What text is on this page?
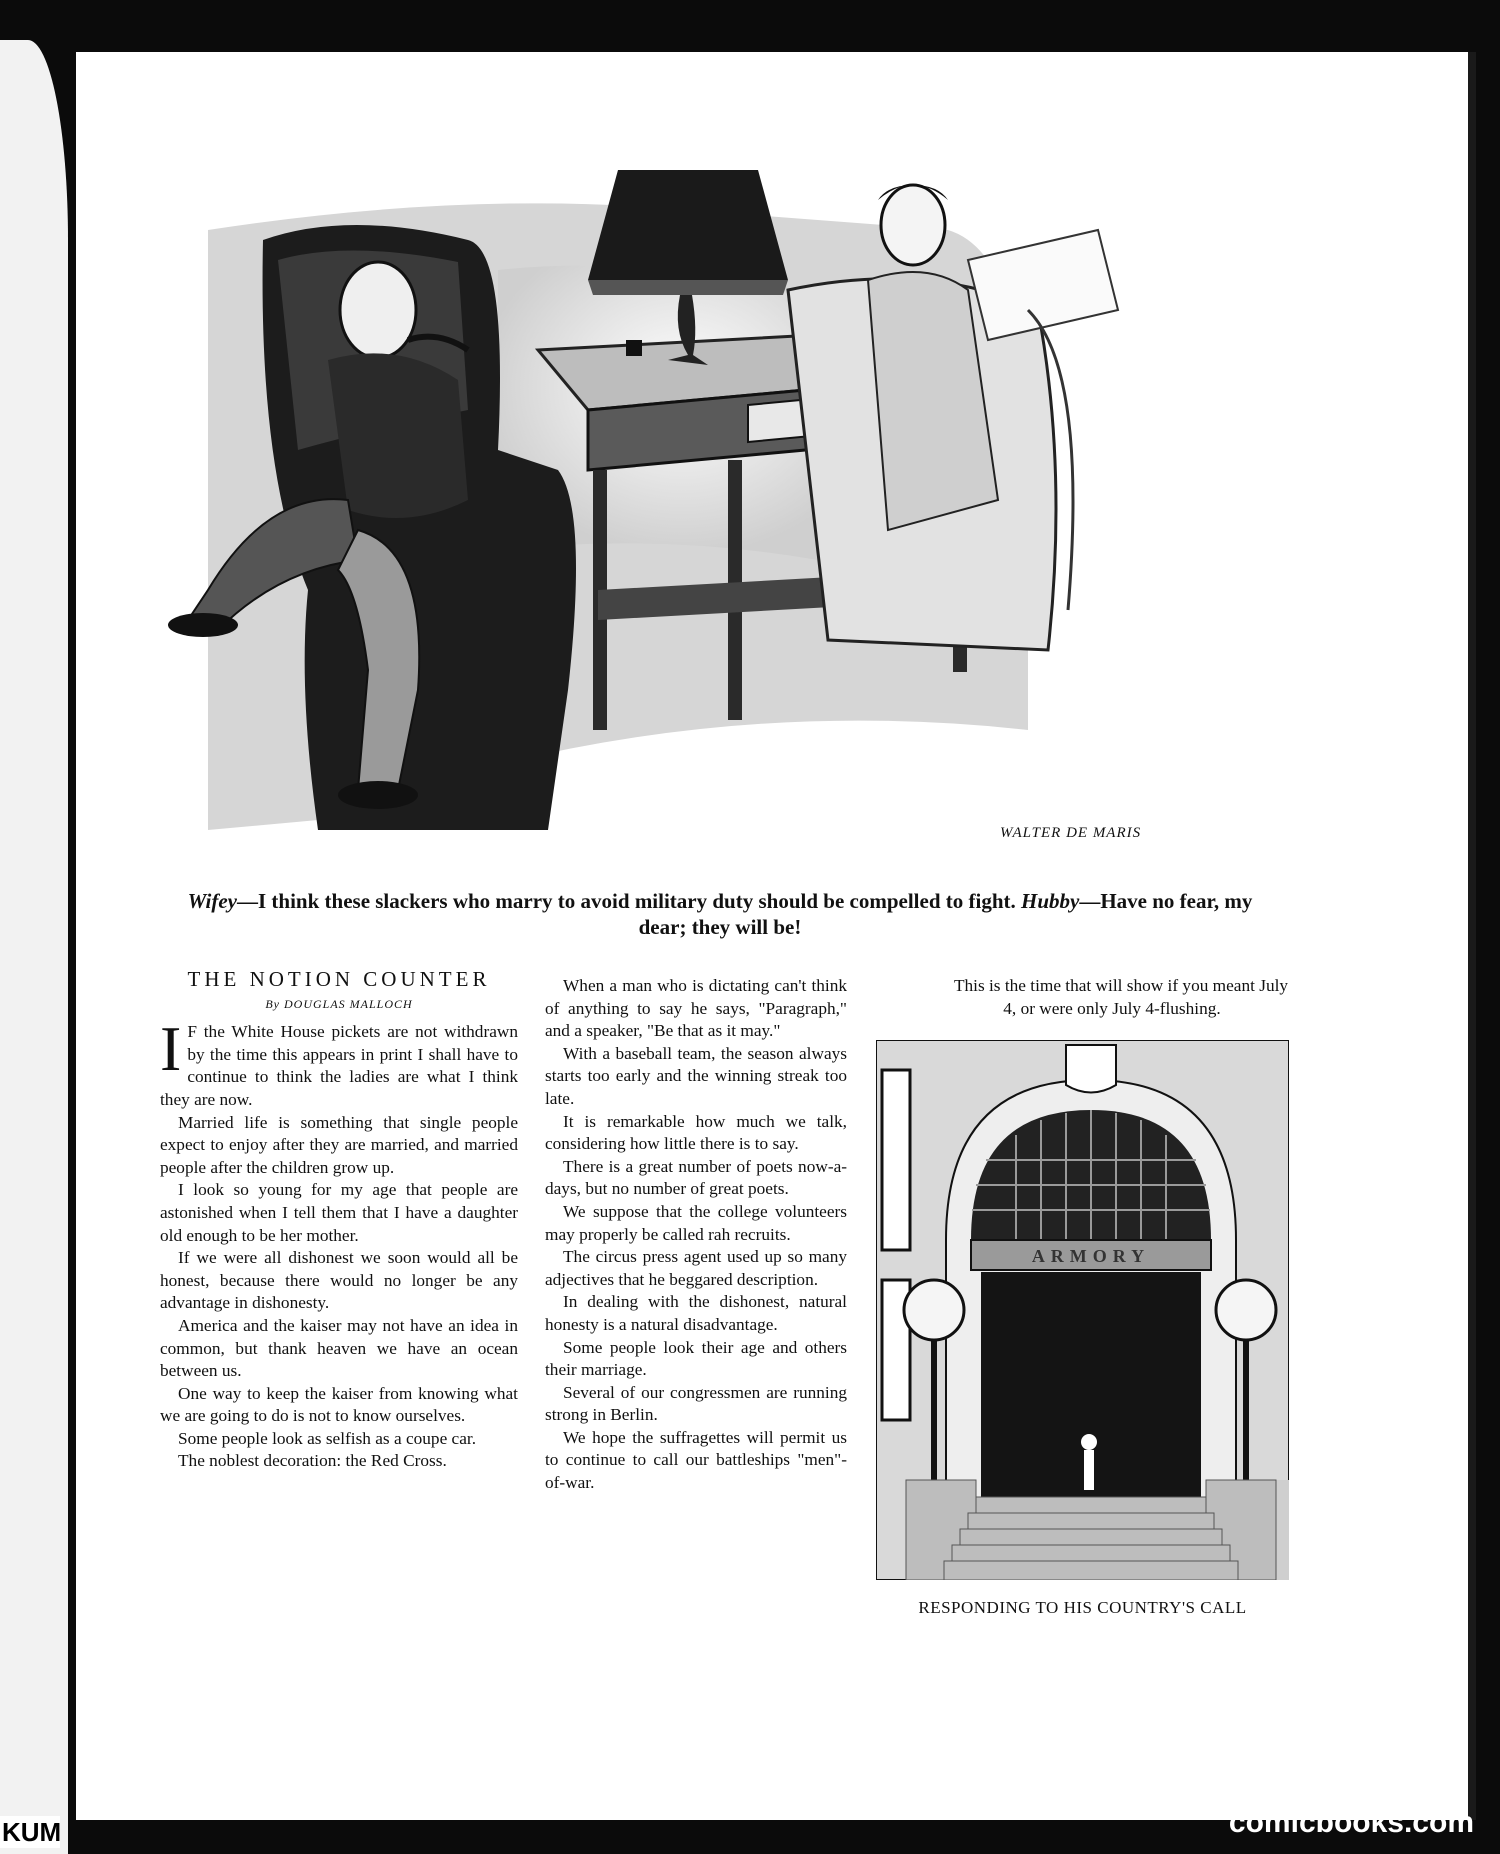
KUM
WALTER DE MARIS
Wifey—I think these slackers who marry to avoid military duty should be compelled to fight. Hubby—Have no fear, my dear; they will be!
THE NOTION COUNTER
By DOUGLAS MALLOCH

I F the White House pickets are not withdrawn by the time this appears in print I shall have to continue to think the ladies are what I think they are now.

Married life is something that single people expect to enjoy after they are married, and married people after the children grow up.

I look so young for my age that people are astonished when I tell them that I have a daughter old enough to be her mother.

If we were all dishonest we soon would all be honest, because there would no longer be any advantage in dishonesty.

America and the kaiser may not have an idea in common, but thank heaven we have an ocean between us.

One way to keep the kaiser from knowing what we are going to do is not to know ourselves.

Some people look as selfish as a coupe car.

The noblest decoration: the Red Cross.

When a man who is dictating can't think of anything to say he says, "Paragraph," and a speaker, "Be that as it may."

With a baseball team, the season always starts too early and the winning streak too late.

It is remarkable how much we talk, considering how little there is to say.

There is a great number of poets now-a-days, but no number of great poets.

We suppose that the college volunteers may properly be called rah recruits.

The circus press agent used up so many adjectives that he beggared description.

In dealing with the dishonest, natural honesty is a natural disadvantage.

Some people look their age and others their marriage.

Several of our congressmen are running strong in Berlin.

We hope the suffragettes will permit us to continue to call our battleships "men"-of-war.

This is the time that will show if you meant July 4, or were only July 4-flushing.

ARMORY
RESPONDING TO HIS COUNTRY'S CALL
comicbooks.com
